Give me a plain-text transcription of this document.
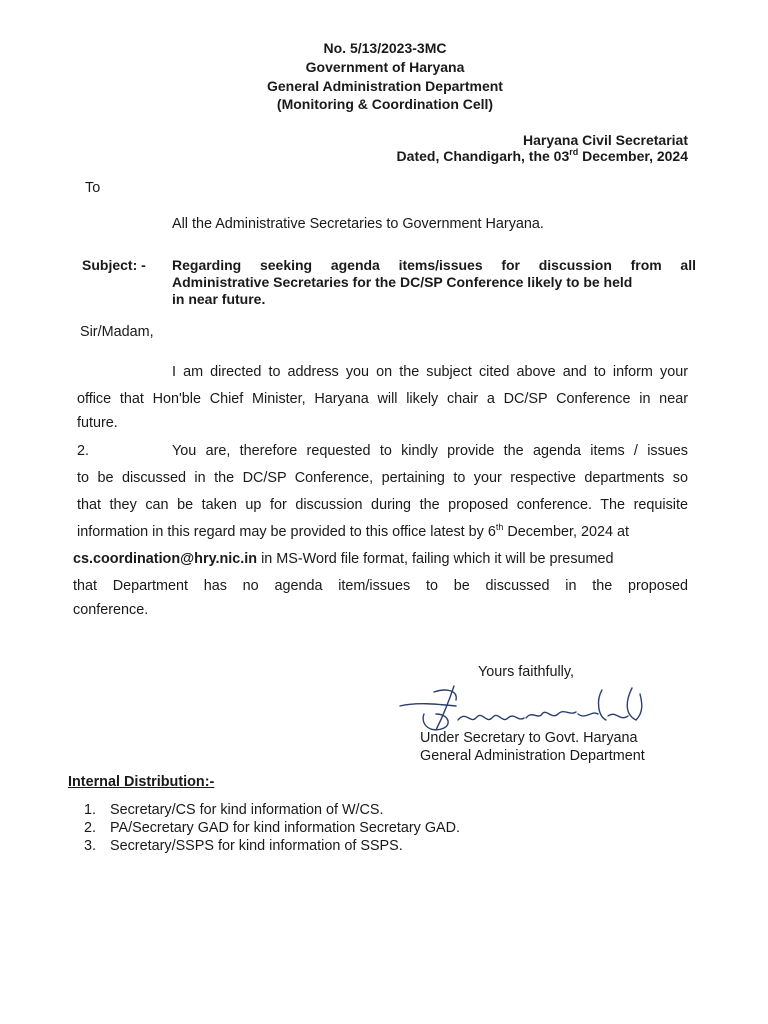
No. 5/13/2023-3MC
Government of Haryana
General Administration Department
(Monitoring & Coordination Cell)
Haryana Civil Secretariat
Dated, Chandigarh, the 03rd December, 2024
To
All the Administrative Secretaries to Government Haryana.
Subject: - Regarding seeking agenda items/issues for discussion from all
Administrative Secretaries for the DC/SP Conference likely to be held
in near future.
Sir/Madam,
I am directed to address you on the subject cited above and to inform your
office that Hon'ble Chief Minister, Haryana will likely chair a DC/SP Conference in near
future.
2.	You are, therefore requested to kindly provide the agenda items / issues
to be discussed in the DC/SP Conference, pertaining to your respective departments so
that they can be taken up for discussion during the proposed conference. The requisite
information in this regard may be provided to this office latest by 6th December, 2024 at
cs.coordination@hry.nic.in in MS-Word file format, failing which it will be presumed
that Department has no agenda item/issues to be discussed in the proposed
conference.
Yours faithfully,
Under Secretary to Govt. Haryana
General Administration Department
Internal Distribution:-
1. Secretary/CS for kind information of W/CS.
2. PA/Secretary GAD for kind information Secretary GAD.
3. Secretary/SSPS for kind information of SSPS.
